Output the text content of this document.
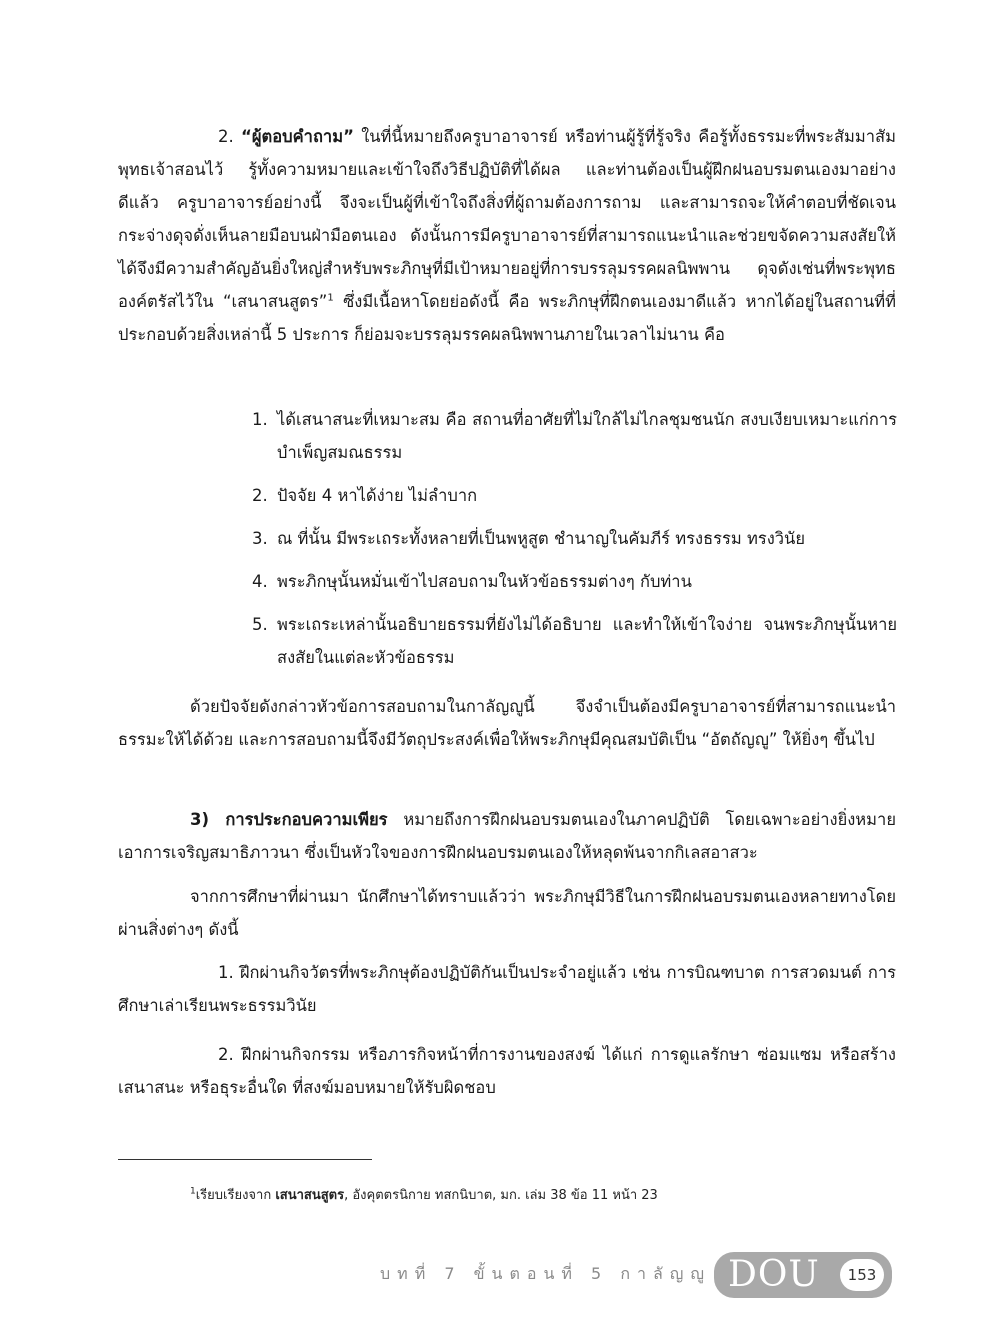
2. “ผู้ตอบคำถาม” ในที่นี้หมายถึงครูบาอาจารย์ หรือท่านผู้รู้ที่รู้จริง คือรู้ทั้งธรรมะที่พระสัมมาสัมพุทธเจ้าสอนไว้ รู้ทั้งความหมายและเข้าใจถึงวิธีปฏิบัติที่ได้ผล และท่านต้องเป็นผู้ฝึกฝนอบรมตนเองมาอย่างดีแล้ว ครูบาอาจารย์อย่างนี้ จึงจะเป็นผู้ที่เข้าใจถึงสิ่งที่ผู้ถามต้องการถาม และสามารถจะให้คำตอบที่ชัดเจนกระจ่างดุจดั่งเห็นลายมือบนฝ่ามือตนเอง ดังนั้นการมีครูบาอาจารย์ที่สามารถแนะนำและช่วยขจัดความสงสัยให้ได้จึงมีความสำคัญอันยิ่งใหญ่สำหรับพระภิกษุที่มีเป้าหมายอยู่ที่การบรรลุมรรคผลนิพพาน ดุจดังเช่นที่พระพุทธองค์ตรัสไว้ใน “เสนาสนสูตร”$^1$ ซึ่งมีเนื้อหาโดยย่อดังนี้ คือ พระภิกษุที่ฝึกตนเองมาดีแล้ว หากได้อยู่ในสถานที่ที่ประกอบด้วยสิ่งเหล่านี้ 5 ประการ ก็ย่อมจะบรรลุมรรคผลนิพพานภายในเวลาไม่นาน คือ

1. ได้เสนาสนะที่เหมาะสม คือ สถานที่อาศัยที่ไม่ใกล้ไม่ไกลชุมชนนัก สงบเงียบเหมาะแก่การบำเพ็ญสมณธรรม
2. ปัจจัย 4 หาได้ง่าย ไม่ลำบาก
3. ณ ที่นั้น มีพระเถระทั้งหลายที่เป็นพหูสูต ชำนาญในคัมภีร์ ทรงธรรม ทรงวินัย
4. พระภิกษุนั้นหมั่นเข้าไปสอบถามในหัวข้อธรรมต่างๆ กับท่าน
5. พระเถระเหล่านั้นอธิบายธรรมที่ยังไม่ได้อธิบาย และทำให้เข้าใจง่าย จนพระภิกษุนั้นหายสงสัยในแต่ละหัวข้อธรรม

ด้วยปัจจัยดังกล่าวหัวข้อการสอบถามในกาลัญญูนี้ จึงจำเป็นต้องมีครูบาอาจารย์ที่สามารถแนะนำธรรมะให้ได้ด้วย และการสอบถามนี้จึงมีวัตถุประสงค์เพื่อให้พระภิกษุมีคุณสมบัติเป็น “อัตถัญญู” ให้ยิ่งๆ ขึ้นไป

3) การประกอบความเพียร หมายถึงการฝึกฝนอบรมตนเองในภาคปฏิบัติ โดยเฉพาะอย่างยิ่งหมายเอาการเจริญสมาธิภาวนา ซึ่งเป็นหัวใจของการฝึกฝนอบรมตนเองให้หลุดพ้นจากกิเลสอาสวะ

จากการศึกษาที่ผ่านมา นักศึกษาได้ทราบแล้วว่า พระภิกษุมีวิธีในการฝึกฝนอบรมตนเองหลายทางโดยผ่านสิ่งต่างๆ ดังนี้

1. ฝึกผ่านกิจวัตรที่พระภิกษุต้องปฏิบัติกันเป็นประจำอยู่แล้ว เช่น การบิณฑบาต การสวดมนต์ การศึกษาเล่าเรียนพระธรรมวินัย

2. ฝึกผ่านกิจกรรม หรือภารกิจหน้าที่การงานของสงฆ์ ได้แก่ การดูแลรักษา ซ่อมแซม หรือสร้างเสนาสนะ หรือธุระอื่นใด ที่สงฆ์มอบหมายให้รับผิดชอบ

$^1$เรียบเรียงจาก เสนาสนสูตร, อังคุตตรนิกาย ทสกนิบาต, มก. เล่ม 38 ข้อ 11 หน้า 23
บทที่ 7 ขั้นตอนที่ 5 กาลัญญู DOU	153
